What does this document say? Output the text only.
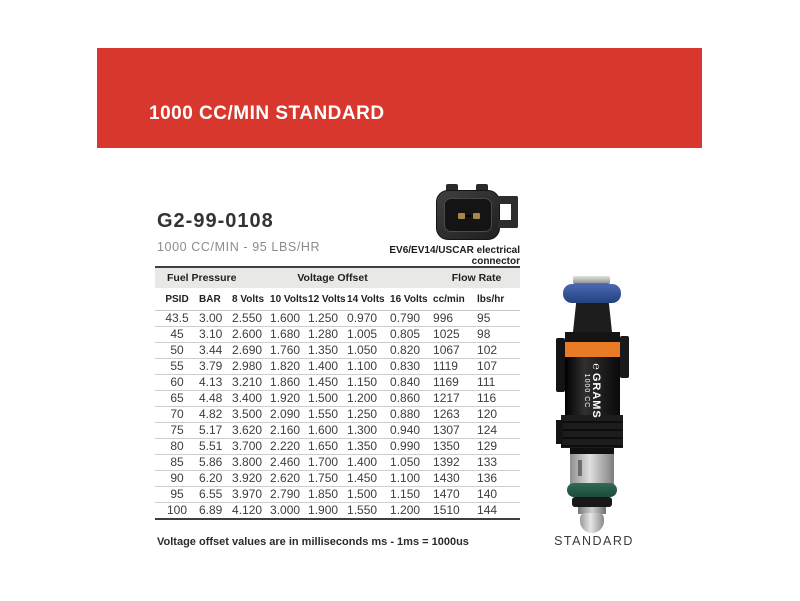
1000 CC/MIN STANDARD
G2-99-0108
1000 CC/MIN - 95 LBS/HR	EV6/EV14/USCAR electrical connector
Fuel Pressure		Voltage Offset					Flow Rate	
PSID	BAR	8 Volts	10 Volts	12 Volts	14 Volts	16 Volts	cc/min	lbs/hr
43.5	3.00	2.550	1.600	1.250	0.970	0.790	996	95
45	3.10	2.600	1.680	1.280	1.005	0.805	1025	98
50	3.44	2.690	1.760	1.350	1.050	0.820	1067	102
55	3.79	2.980	1.820	1.400	1.100	0.830	1119	107
60	4.13	3.210	1.860	1.450	1.150	0.840	1169	111
65	4.48	3.400	1.920	1.500	1.200	0.860	1217	116
70	4.82	3.500	2.090	1.550	1.250	0.880	1263	120
75	5.17	3.620	2.160	1.600	1.300	0.940	1307	124
80	5.51	3.700	2.220	1.650	1.350	0.990	1350	129
85	5.86	3.800	2.460	1.700	1.400	1.050	1392	133
90	6.20	3.920	2.620	1.750	1.450	1.100	1430	136
95	6.55	3.970	2.790	1.850	1.500	1.150	1470	140
100	6.89	4.120	3.000	1.900	1.550	1.200	1510	144
Voltage offset values are in milliseconds ms - 1ms = 1000us
℮GRAMS
1000 CC
STANDARD
